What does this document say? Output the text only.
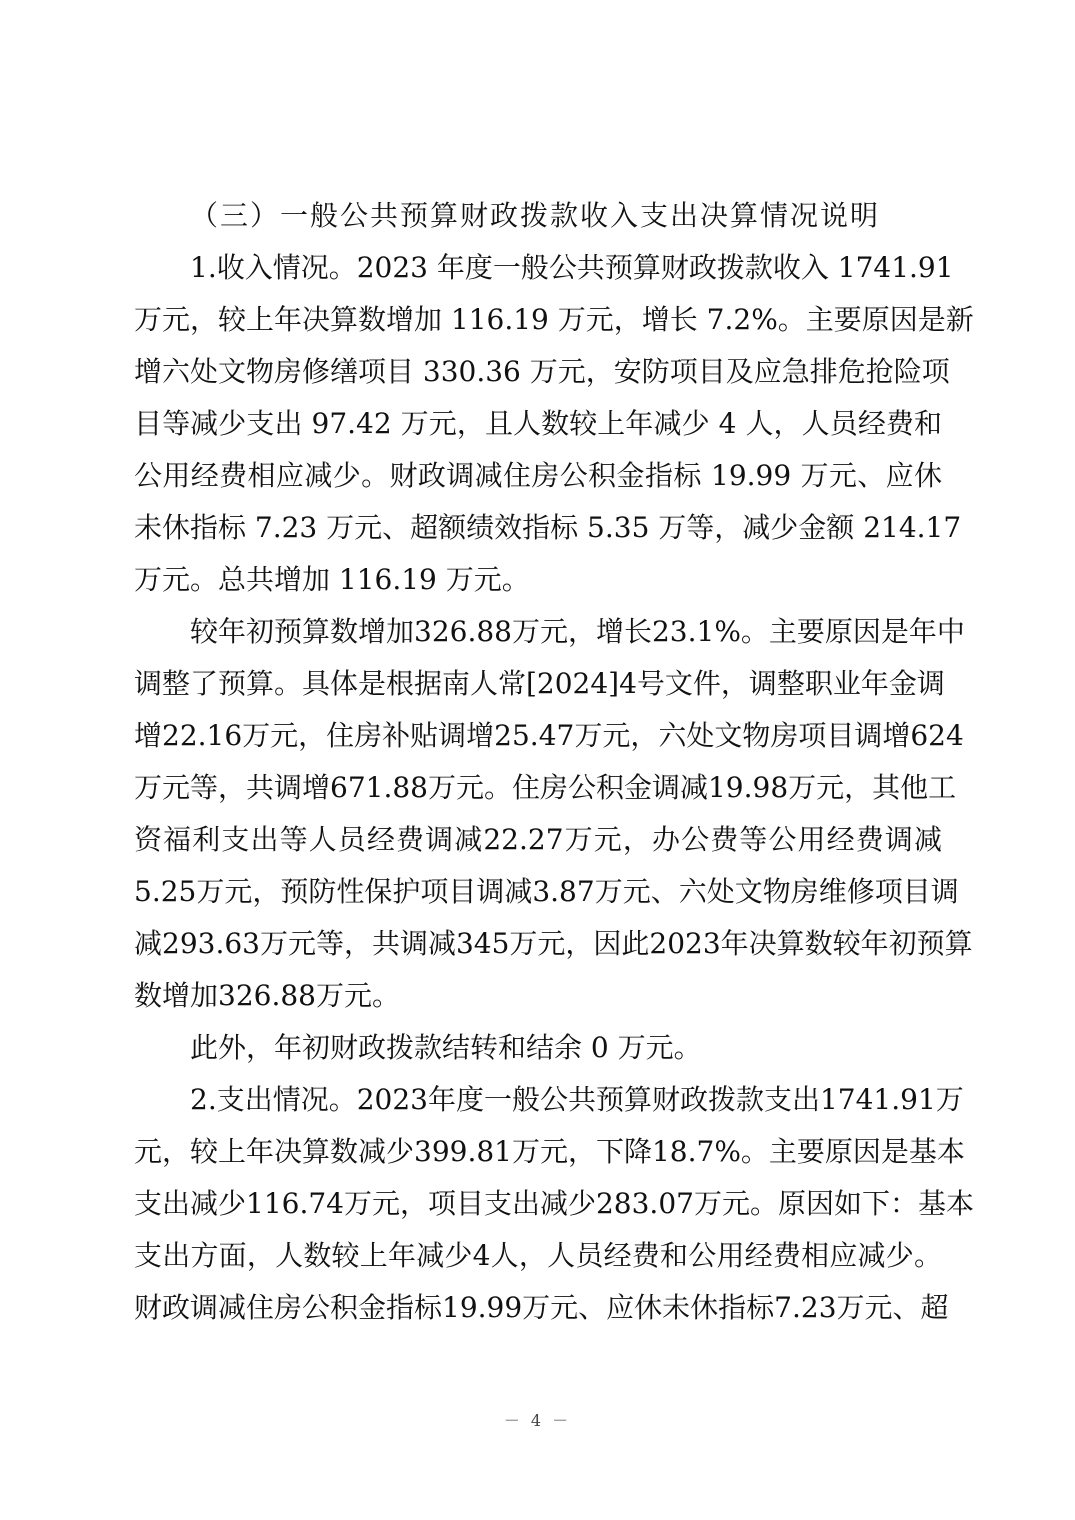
（三）一般公共预算财政拨款收入支出决算情况说明
1.收入情况。2023 年度一般公共预算财政拨款收入 1741.91
万元，较上年决算数增加 116.19 万元，增长 7.2%。主要原因是新
增六处文物房修缮项目 330.36 万元，安防项目及应急排危抢险项
目等减少支出 97.42 万元，且人数较上年减少 4 人，人员经费和
公用经费相应减少。财政调减住房公积金指标 19.99 万元、应休
未休指标 7.23 万元、超额绩效指标 5.35 万等，减少金额 214.17
万元。总共增加 116.19 万元。
较年初预算数增加326.88万元，增长23.1%。主要原因是年中
调整了预算。具体是根据南人常[2024]4号文件，调整职业年金调
增22.16万元，住房补贴调增25.47万元，六处文物房项目调增624
万元等，共调增671.88万元。住房公积金调减19.98万元，其他工
资福利支出等人员经费调减22.27万元，办公费等公用经费调减
5.25万元，预防性保护项目调减3.87万元、六处文物房维修项目调
减293.63万元等，共调减345万元，因此2023年决算数较年初预算
数增加326.88万元。
此外，年初财政拨款结转和结余 0 万元。
2.支出情况。2023年度一般公共预算财政拨款支出1741.91万
元，较上年决算数减少399.81万元，下降18.7%。主要原因是基本
支出减少116.74万元，项目支出减少283.07万元。原因如下：基本
支出方面，人数较上年减少4人，人员经费和公用经费相应减少。
财政调减住房公积金指标19.99万元、应休未休指标7.23万元、超
－ 4 －
